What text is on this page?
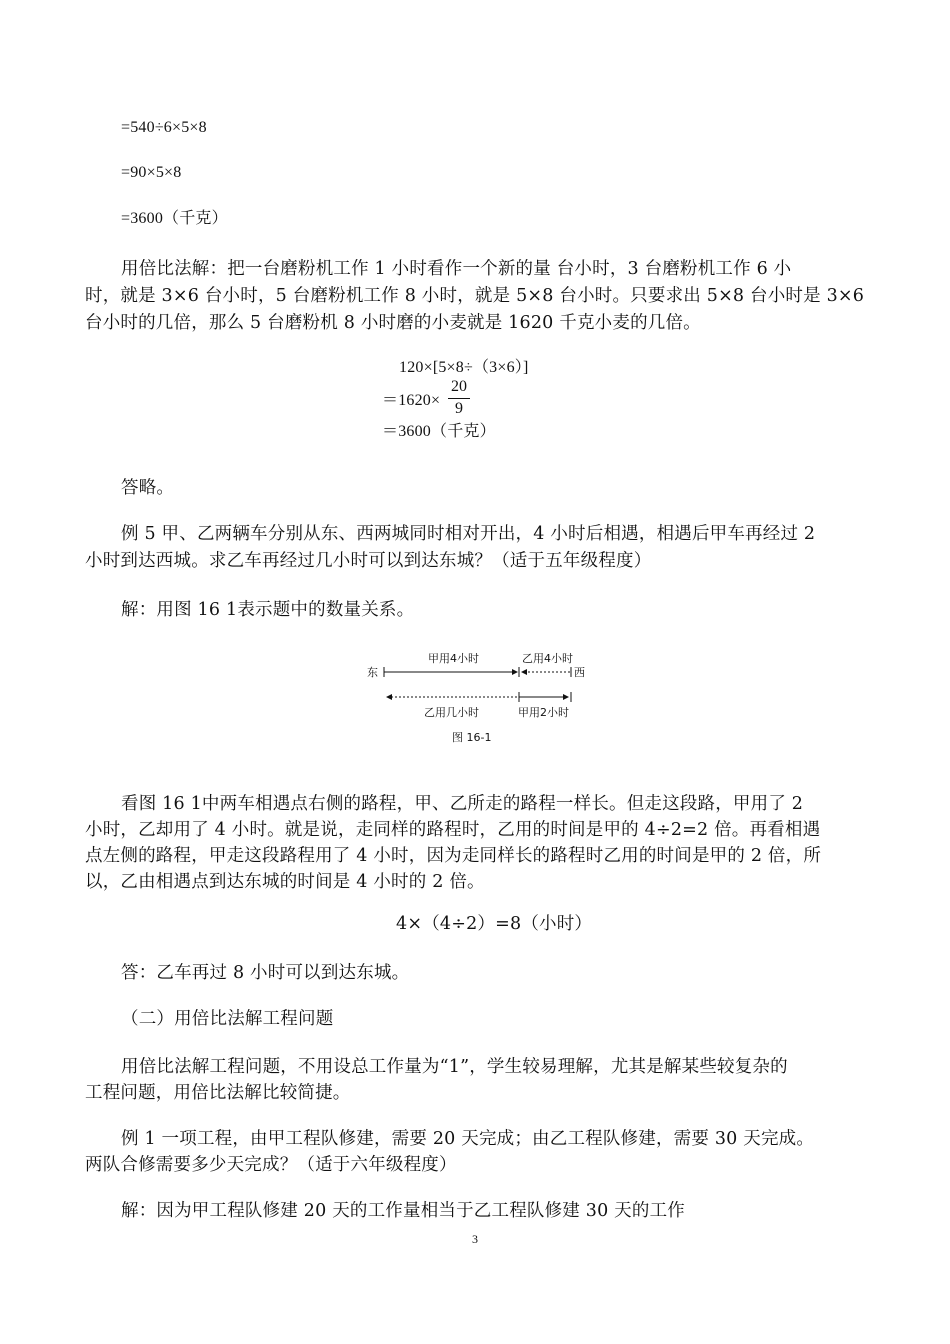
=540÷6×5×8
=90×5×8
=3600（千克）
用倍比法解：把一台磨粉机工作 1 小时看作一个新的量 台小时，3 台磨粉机工作 6 小
时，就是 3×6 台小时，5 台磨粉机工作 8 小时，就是 5×8 台小时。只要求出 5×8 台小时是 3×6
台小时的几倍，那么 5 台磨粉机 8 小时磨的小麦就是 1620 千克小麦的几倍。
120×[5×8÷（3×6）]
＝1620×
20
9
＝3600（千克）
答略。
例 5 甲、乙两辆车分别从东、西两城同时相对开出，4 小时后相遇，相遇后甲车再经过 2
小时到达西城。求乙车再经过几小时可以到达东城？（适于五年级程度）
解：用图 16 1表示题中的数量关系。
东	西
甲用4小时	乙用4小时
乙用几小时	甲用2小时
图 16-1
看图 16 1中两车相遇点右侧的路程，甲、乙所走的路程一样长。但走这段路，甲用了 2
小时，乙却用了 4 小时。就是说，走同样的路程时，乙用的时间是甲的 4÷2=2 倍。再看相遇
点左侧的路程，甲走这段路程用了 4 小时，因为走同样长的路程时乙用的时间是甲的 2 倍，所
以，乙由相遇点到达东城的时间是 4 小时的 2 倍。
4×（4÷2）=8（小时）
答：乙车再过 8 小时可以到达东城。
（二）用倍比法解工程问题
用倍比法解工程问题，不用设总工作量为“1”，学生较易理解，尤其是解某些较复杂的
工程问题，用倍比法解比较简捷。
例 1 一项工程，由甲工程队修建，需要 20 天完成；由乙工程队修建，需要 30 天完成。
两队合修需要多少天完成？（适于六年级程度）
解：因为甲工程队修建 20 天的工作量相当于乙工程队修建 30 天的工作
3
